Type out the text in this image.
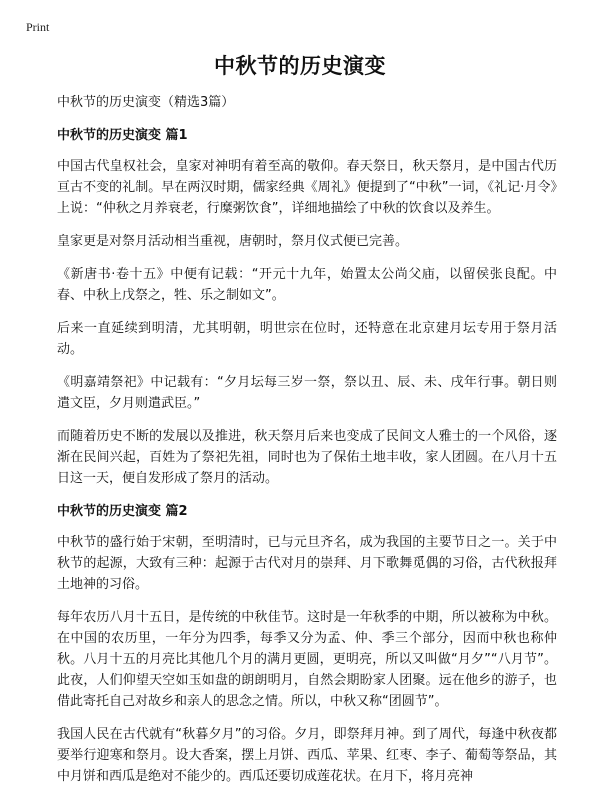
Print
中秋节的历史演变

中秋节的历史演变（精选3篇）

中秋节的历史演变 篇1

中国古代皇权社会，皇家对神明有着至高的敬仰。春天祭日，秋天祭月，是中国古代历亘古不变的礼制。早在两汉时期，儒家经典《周礼》便提到了“中秋”一词，《礼记·月令》上说：“仲秋之月养衰老，行糜粥饮食”，详细地描绘了中秋的饮食以及养生。

皇家更是对祭月活动相当重视，唐朝时，祭月仪式便已完善。

《新唐书·卷十五》中便有记载：“开元十九年，始置太公尚父庙，以留侯张良配。中春、中秋上戊祭之，牲、乐之制如文”。

后来一直延续到明清，尤其明朝，明世宗在位时，还特意在北京建月坛专用于祭月活动。

《明嘉靖祭祀》中记载有：“夕月坛每三岁一祭，祭以丑、辰、未、戌年行事。朝日则遣文臣，夕月则遣武臣。”

而随着历史不断的发展以及推进，秋天祭月后来也变成了民间文人雅士的一个风俗，逐渐在民间兴起，百姓为了祭祀先祖，同时也为了保佑土地丰收，家人团圆。在八月十五日这一天，便自发形成了祭月的活动。

中秋节的历史演变 篇2

中秋节的盛行始于宋朝，至明清时，已与元旦齐名，成为我国的主要节日之一。关于中秋节的起源，大致有三种：起源于古代对月的崇拜、月下歌舞觅偶的习俗，古代秋报拜土地神的习俗。

每年农历八月十五日，是传统的中秋佳节。这时是一年秋季的中期，所以被称为中秋。在中国的农历里，一年分为四季，每季又分为孟、仲、季三个部分，因而中秋也称仲秋。八月十五的月亮比其他几个月的满月更圆，更明亮，所以又叫做“月夕”“八月节”。此夜，人们仰望天空如玉如盘的朗朗明月，自然会期盼家人团聚。远在他乡的游子，也借此寄托自己对故乡和亲人的思念之情。所以，中秋又称“团圆节”。

我国人民在古代就有“秋暮夕月”的习俗。夕月，即祭拜月神。到了周代，每逢中秋夜都要举行迎寒和祭月。设大香案，摆上月饼、西瓜、苹果、红枣、李子、葡萄等祭品，其中月饼和西瓜是绝对不能少的。西瓜还要切成莲花状。在月下，将月亮神
